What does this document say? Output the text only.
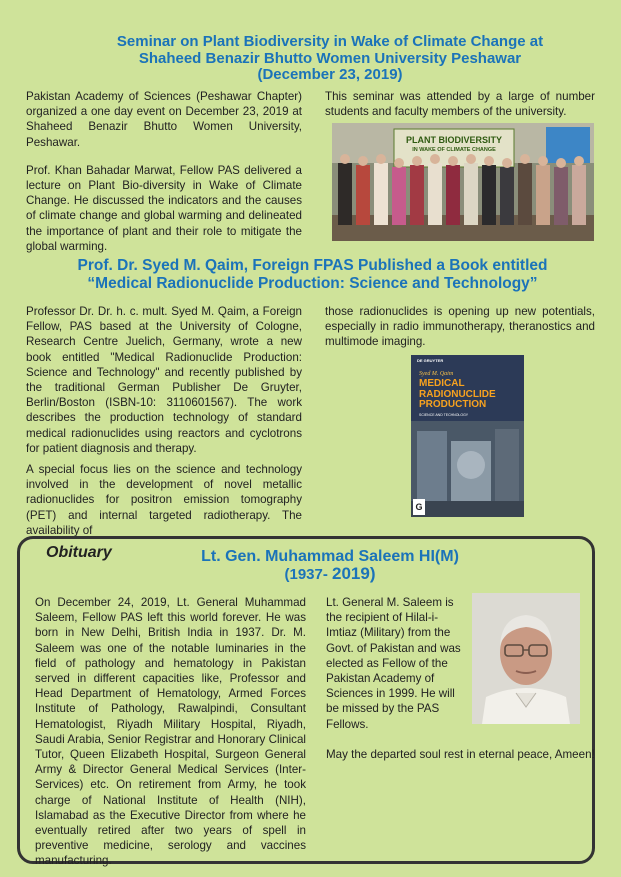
Seminar on Plant Biodiversity in Wake of Climate Change at
Shaheed Benazir Bhutto Women University Peshawar
(December 23, 2019)

Pakistan Academy of Sciences (Peshawar Chapter) organized a one day event on December 23, 2019 at Shaheed Benazir Bhutto Women University, Peshawar.

Prof. Khan Bahadar Marwat, Fellow PAS delivered a lecture on Plant Bio-diversity in Wake of Climate Change. He discussed the indicators and the causes of climate change and global warming and delineated the importance of plant and their role to mitigate the global warming.

This seminar was attended by a large of number students and faculty members of the university.

PLANT BIODIVERSITY
IN WAKE OF CLIMATE CHANGE
Prof. Dr. Syed M. Qaim, Foreign FPAS Published a Book entitled
“Medical Radionuclide Production: Science and Technology”

Professor Dr. Dr. h. c. mult. Syed M. Qaim, a Foreign Fellow, PAS based at the University of Cologne, Research Centre Juelich, Germany, wrote a new book entitled "Medical Radionuclide Production: Science and Technology" and recently published by the traditional German Publisher De Gruyter, Berlin/Boston (ISBN-10: 3110601567). The work describes the production technology of standard medical radionuclides using reactors and cyclotrons for patient diagnosis and therapy.

A special focus lies on the science and technology involved in the development of novel metallic radionuclides for positron emission tomography (PET) and internal targeted radiotherapy. The availability of

those radionuclides is opening up new potentials, especially in radio immunotherapy, theranostics and multimode imaging.

DE GRUYTER
Syed M. Qaim
MEDICAL
RADIONUCLIDE
PRODUCTION
SCIENCE AND TECHNOLOGY
G
Obituary	Lt. Gen. Muhammad Saleem HI(M)
(1937- 2019)

On December 24, 2019, Lt. General Muhammad Saleem, Fellow PAS left this world forever. He was born in New Delhi, British India in 1937. Dr. M. Saleem was one of the notable luminaries in the field of pathology and hematology in Pakistan served in different capacities like, Professor and Head Department of Hematology, Armed Forces Institute of Pathology, Rawalpindi, Consultant Hematologist, Riyadh Military Hospital, Riyadh, Saudi Arabia, Senior Registrar and Honorary Clinical Tutor, Queen Elizabeth Hospital, Surgeon General Army & Director General Medical Services (Inter-Services) etc. On retirement from Army, he took charge of National Institute of Health (NIH), Islamabad as the Executive Director from where he eventually retired after two years of spell in preventive medicine, serology and vaccines manufacturing.

Lt. General M. Saleem is the recipient of Hilal-i-Imtiaz (Military) from the Govt. of Pakistan and was elected as Fellow of the Pakistan Academy of Sciences in 1999. He will be missed by the PAS Fellows.

May the departed soul rest in eternal peace, Ameen!
